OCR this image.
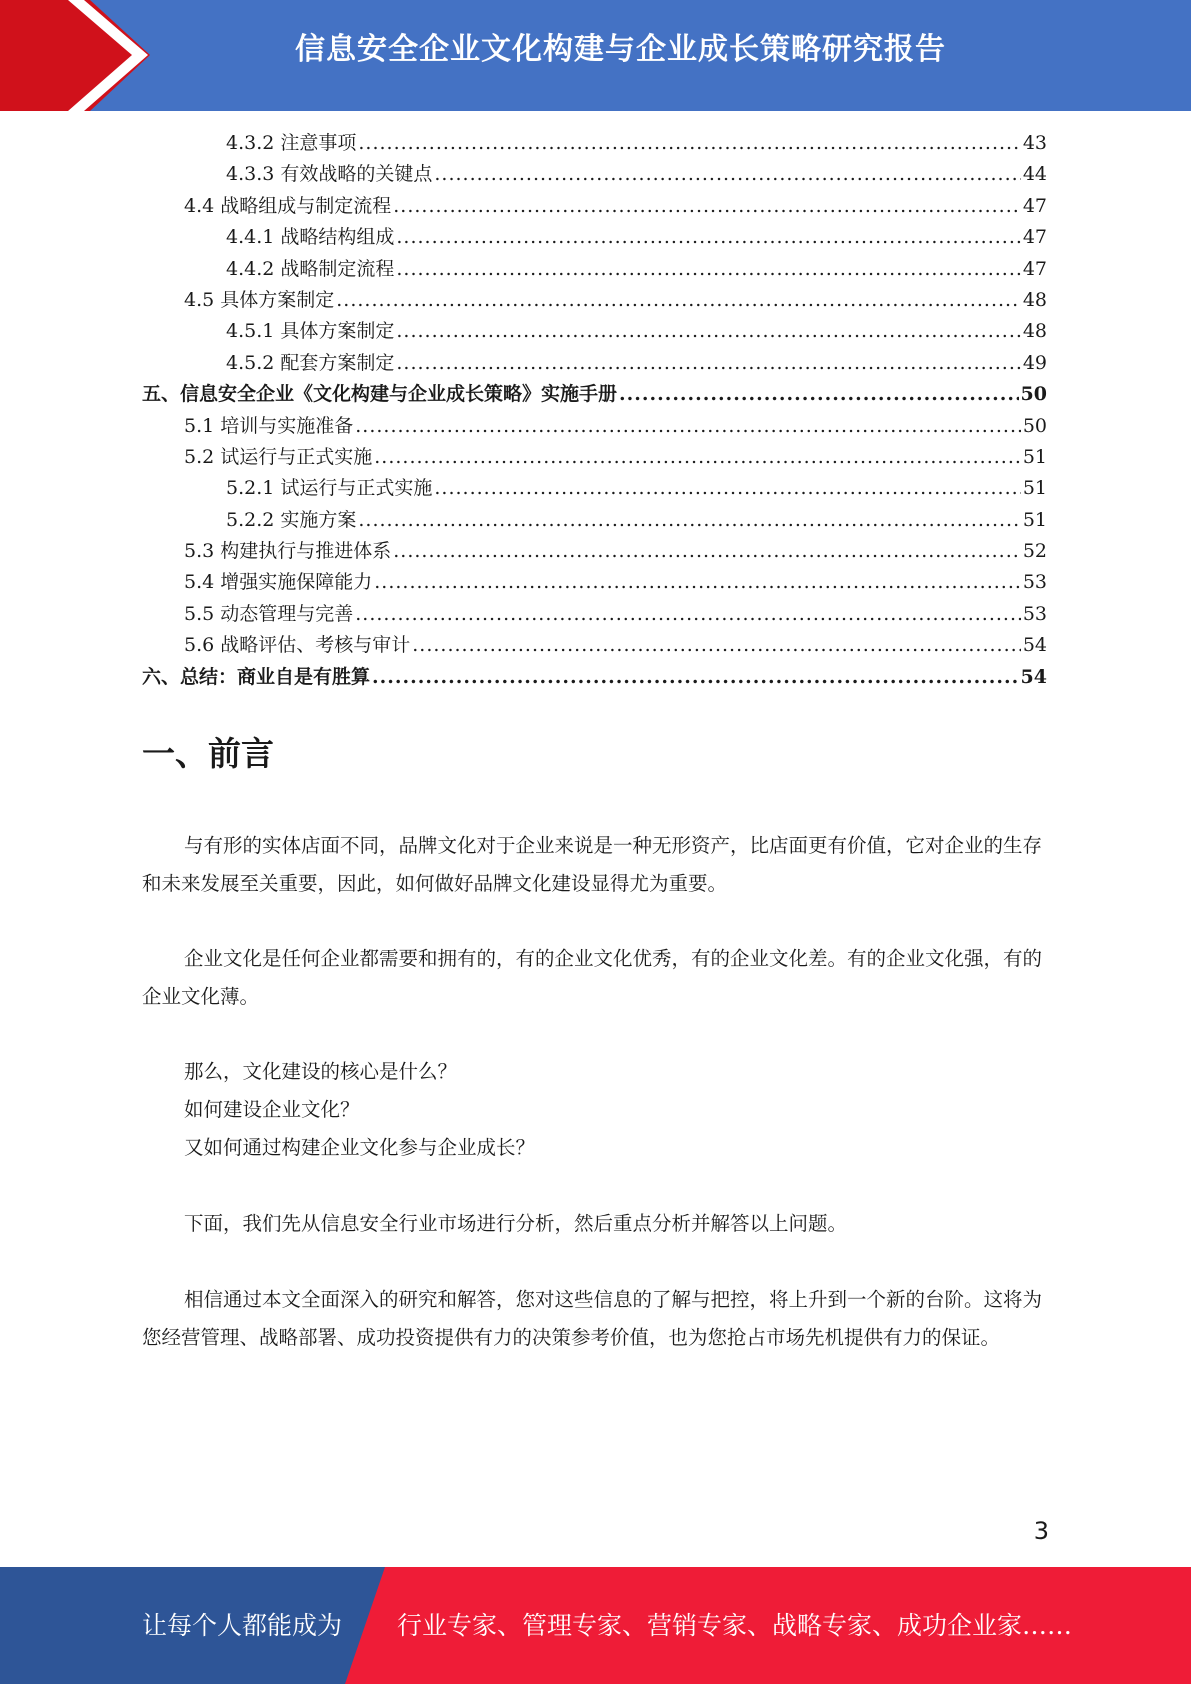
信息安全企业文化构建与企业成长策略研究报告
4.3.2 注意事项 .....	43
4.3.3 有效战略的关键点 .....	44
4.4 战略组成与制定流程 .....	47
4.4.1 战略结构组成 .....	47
4.4.2 战略制定流程 .....	47
4.5 具体方案制定 .....	48
4.5.1 具体方案制定 .....	48
4.5.2 配套方案制定 .....	49
五、信息安全企业《文化构建与企业成长策略》实施手册 .....	50
5.1 培训与实施准备 .....	50
5.2 试运行与正式实施 .....	51
5.2.1 试运行与正式实施 .....	51
5.2.2 实施方案 .....	51
5.3 构建执行与推进体系 .....	52
5.4 增强实施保障能力 .....	53
5.5 动态管理与完善 .....	53
5.6 战略评估、考核与审计 .....	54
六、总结：商业自是有胜算 .....	54
一、前言

与有形的实体店面不同，品牌文化对于企业来说是一种无形资产，比店面更有价值，它对企业的生存和未来发展至关重要，因此，如何做好品牌文化建设显得尤为重要。

企业文化是任何企业都需要和拥有的，有的企业文化优秀，有的企业文化差。有的企业文化强，有的企业文化薄。

那么，文化建设的核心是什么？

如何建设企业文化？

又如何通过构建企业文化参与企业成长？

下面，我们先从信息安全行业市场进行分析，然后重点分析并解答以上问题。

相信通过本文全面深入的研究和解答，您对这些信息的了解与把控，将上升到一个新的台阶。这将为您经营管理、战略部署、成功投资提供有力的决策参考价值，也为您抢占市场先机提供有力的保证。

3
让每个人都能成为 行业专家、管理专家、营销专家、战略专家、成功企业家……
